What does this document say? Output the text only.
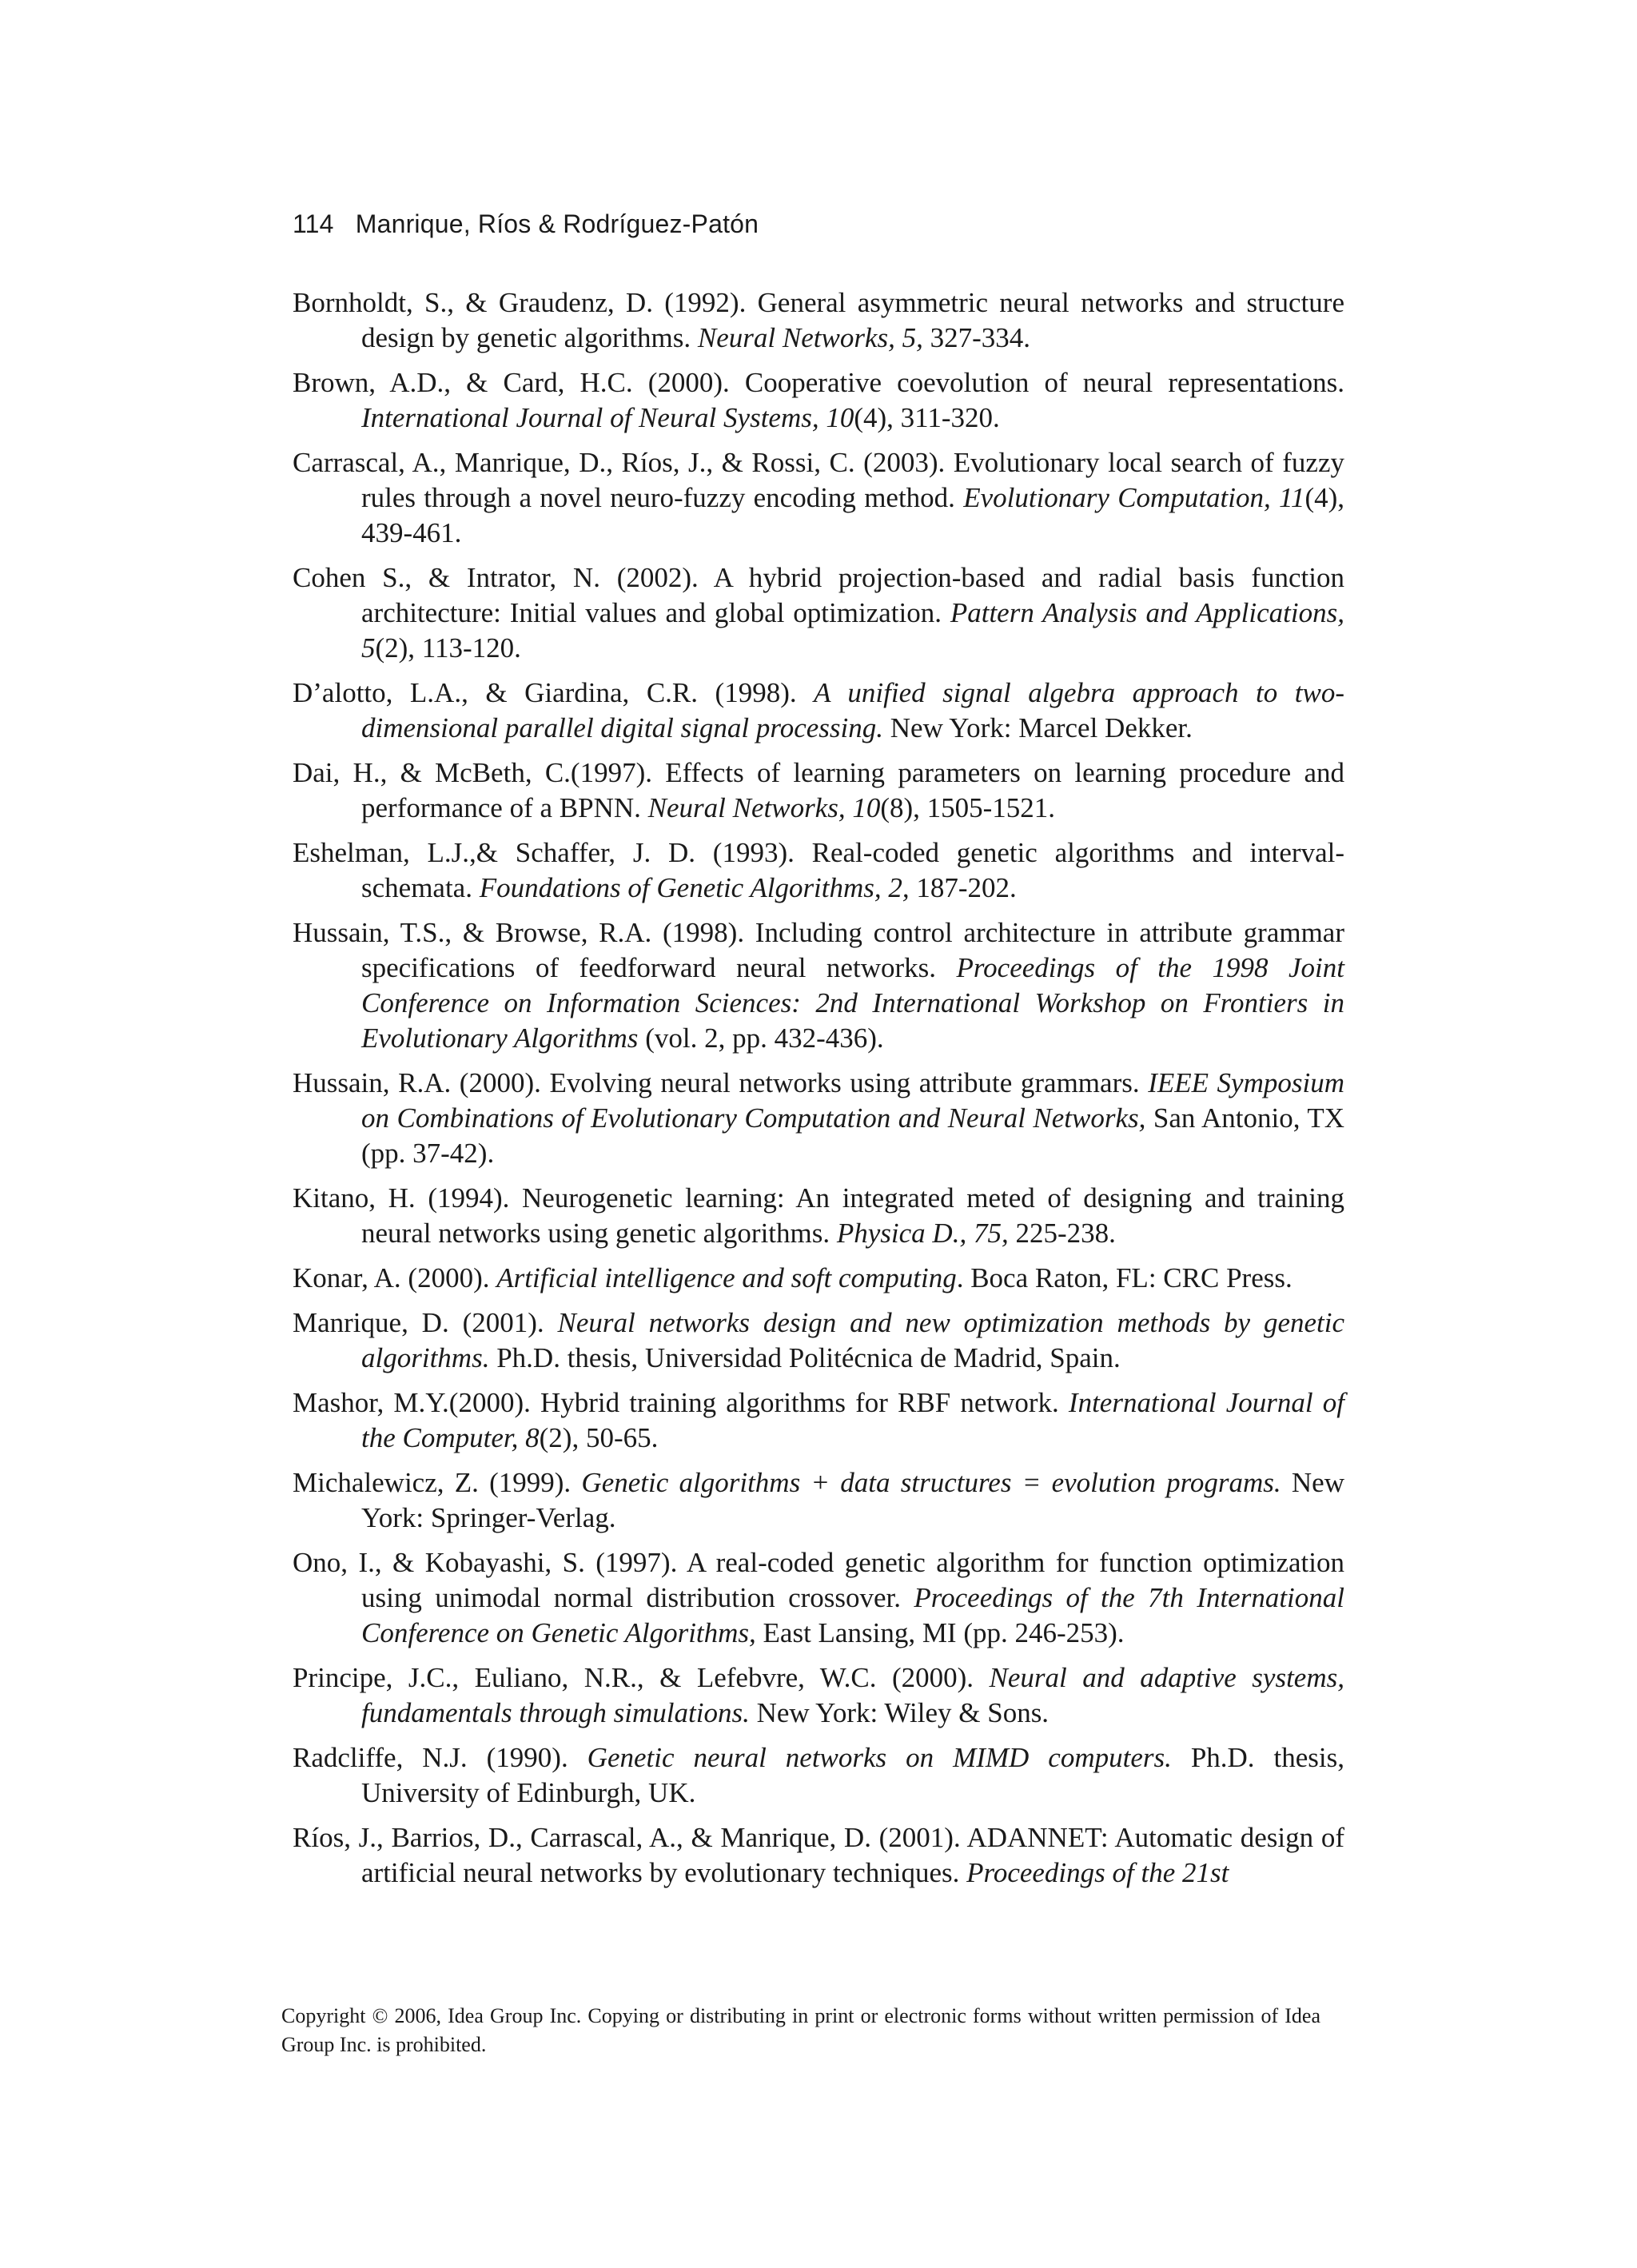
114 Manrique, Ríos & Rodríguez-Patón
Bornholdt, S., & Graudenz, D. (1992). General asymmetric neural networks and structure design by genetic algorithms. Neural Networks, 5, 327-334.
Brown, A.D., & Card, H.C. (2000). Cooperative coevolution of neural representations. International Journal of Neural Systems, 10(4), 311-320.
Carrascal, A., Manrique, D., Ríos, J., & Rossi, C. (2003). Evolutionary local search of fuzzy rules through a novel neuro-fuzzy encoding method. Evolutionary Computation, 11(4), 439-461.
Cohen S., & Intrator, N. (2002). A hybrid projection-based and radial basis function architecture: Initial values and global optimization. Pattern Analysis and Applications, 5(2), 113-120.
D’alotto, L.A., & Giardina, C.R. (1998). A unified signal algebra approach to two-dimensional parallel digital signal processing. New York: Marcel Dekker.
Dai, H., & McBeth, C.(1997). Effects of learning parameters on learning procedure and performance of a BPNN. Neural Networks, 10(8), 1505-1521.
Eshelman, L.J.,& Schaffer, J. D. (1993). Real-coded genetic algorithms and interval-schemata. Foundations of Genetic Algorithms, 2, 187-202.
Hussain, T.S., & Browse, R.A. (1998). Including control architecture in attribute grammar specifications of feedforward neural networks. Proceedings of the 1998 Joint Conference on Information Sciences: 2nd International Workshop on Frontiers in Evolutionary Algorithms (vol. 2, pp. 432-436).
Hussain, R.A. (2000). Evolving neural networks using attribute grammars. IEEE Symposium on Combinations of Evolutionary Computation and Neural Networks, San Antonio, TX (pp. 37-42).
Kitano, H. (1994). Neurogenetic learning: An integrated meted of designing and training neural networks using genetic algorithms. Physica D., 75, 225-238.
Konar, A. (2000). Artificial intelligence and soft computing. Boca Raton, FL: CRC Press.
Manrique, D. (2001). Neural networks design and new optimization methods by genetic algorithms. Ph.D. thesis, Universidad Politécnica de Madrid, Spain.
Mashor, M.Y.(2000). Hybrid training algorithms for RBF network. International Journal of the Computer, 8(2), 50-65.
Michalewicz, Z. (1999). Genetic algorithms + data structures = evolution programs. New York: Springer-Verlag.
Ono, I., & Kobayashi, S. (1997). A real-coded genetic algorithm for function optimization using unimodal normal distribution crossover. Proceedings of the 7th International Conference on Genetic Algorithms, East Lansing, MI (pp. 246-253).
Principe, J.C., Euliano, N.R., & Lefebvre, W.C. (2000). Neural and adaptive systems, fundamentals through simulations. New York: Wiley & Sons.
Radcliffe, N.J. (1990). Genetic neural networks on MIMD computers. Ph.D. thesis, University of Edinburgh, UK.
Ríos, J., Barrios, D., Carrascal, A., & Manrique, D. (2001). ADANNET: Automatic design of artificial neural networks by evolutionary techniques. Proceedings of the 21st
Copyright © 2006, Idea Group Inc. Copying or distributing in print or electronic forms without written permission of Idea Group Inc. is prohibited.
